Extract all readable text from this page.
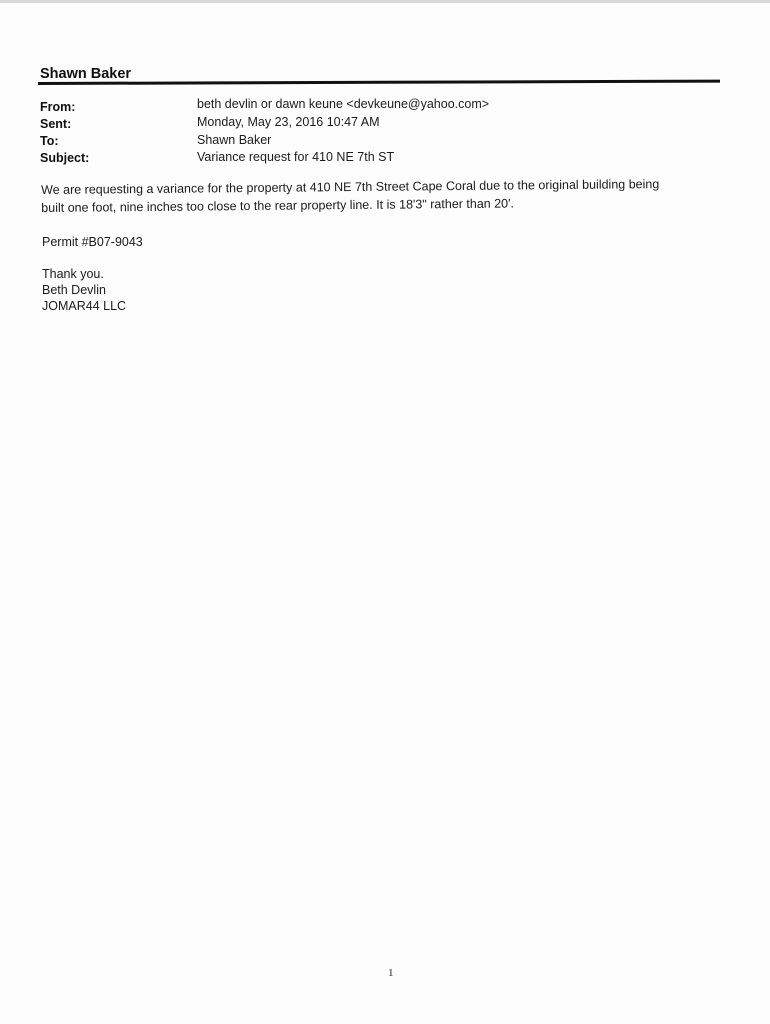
Shawn Baker
From:	beth devlin or dawn keune <devkeune@yahoo.com>
Sent:	Monday, May 23, 2016 10:47 AM
To:	Shawn Baker
Subject:	Variance request for 410 NE 7th ST
We are requesting a variance for the property at 410 NE 7th Street Cape Coral due to the original building being
built one foot, nine inches too close to the rear property line. It is 18'3" rather than 20'.
Permit #B07-9043
Thank you.
Beth Devlin
JOMAR44 LLC
1
